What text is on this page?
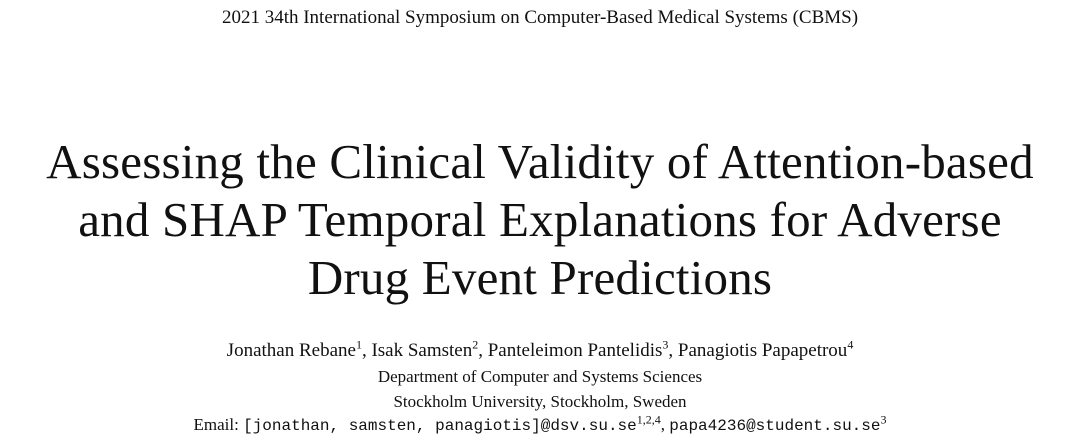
2021 34th International Symposium on Computer-Based Medical Systems (CBMS)
Assessing the Clinical Validity of Attention-based
and SHAP Temporal Explanations for Adverse
Drug Event Predictions
Jonathan Rebane$^1$, Isak Samsten$^2$, Panteleimon Pantelidis$^3$, Panagiotis Papapetrou$^4$
Department of Computer and Systems Sciences
Stockholm University, Stockholm, Sweden
Email: [jonathan, samsten, panagiotis]@dsv.su.se$^{1,2,4}$, $papa4236@student.su.se^3$
